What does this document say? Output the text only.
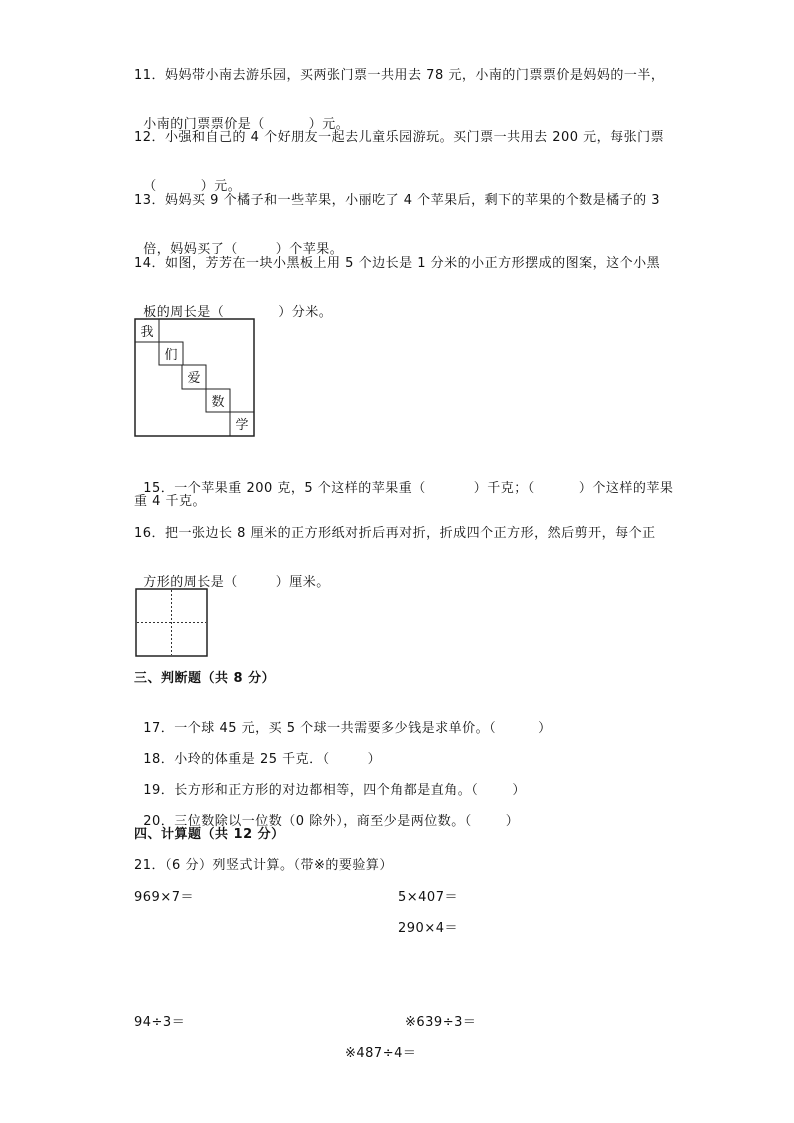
11．妈妈带小南去游乐园，买两张门票一共用去 78 元，小南的门票票价是妈妈的一半，

小南的门票票价是（	）元。

12．小强和自己的 4 个好朋友一起去儿童乐园游玩。买门票一共用去 200 元，每张门票

（	）元。

13．妈妈买 9 个橘子和一些苹果，小丽吃了 4 个苹果后，剩下的苹果的个数是橘子的 3

倍，妈妈买了（	）个苹果。

14．如图，芳芳在一块小黑板上用 5 个边长是 1 分米的小正方形摆成的图案，这个小黑

板的周长是（	）分米。

我
们
爱
数
学

15．一个苹果重 200 克，5 个这样的苹果重（	）千克；（	）个这样的苹果

重 4 千克。
16．把一张边长 8 厘米的正方形纸对折后再对折，折成四个正方形，然后剪开，每个正

方形的周长是（	）厘米。

三、判断题（共 8 分）

17．一个球 45 元，买 5 个球一共需要多少钱是求单价。（	）

18．小玲的体重是 25 千克．（	）

19．长方形和正方形的对边都相等，四个角都是直角。（	）

20．三位数除以一位数（0 除外），商至少是两位数。（	）

四、计算题（共 12 分）
21．（6 分）列竖式计算。（带※的要验算）
969×7＝	5×407＝
290×4＝
94÷3＝	※639÷3＝
※487÷4＝
